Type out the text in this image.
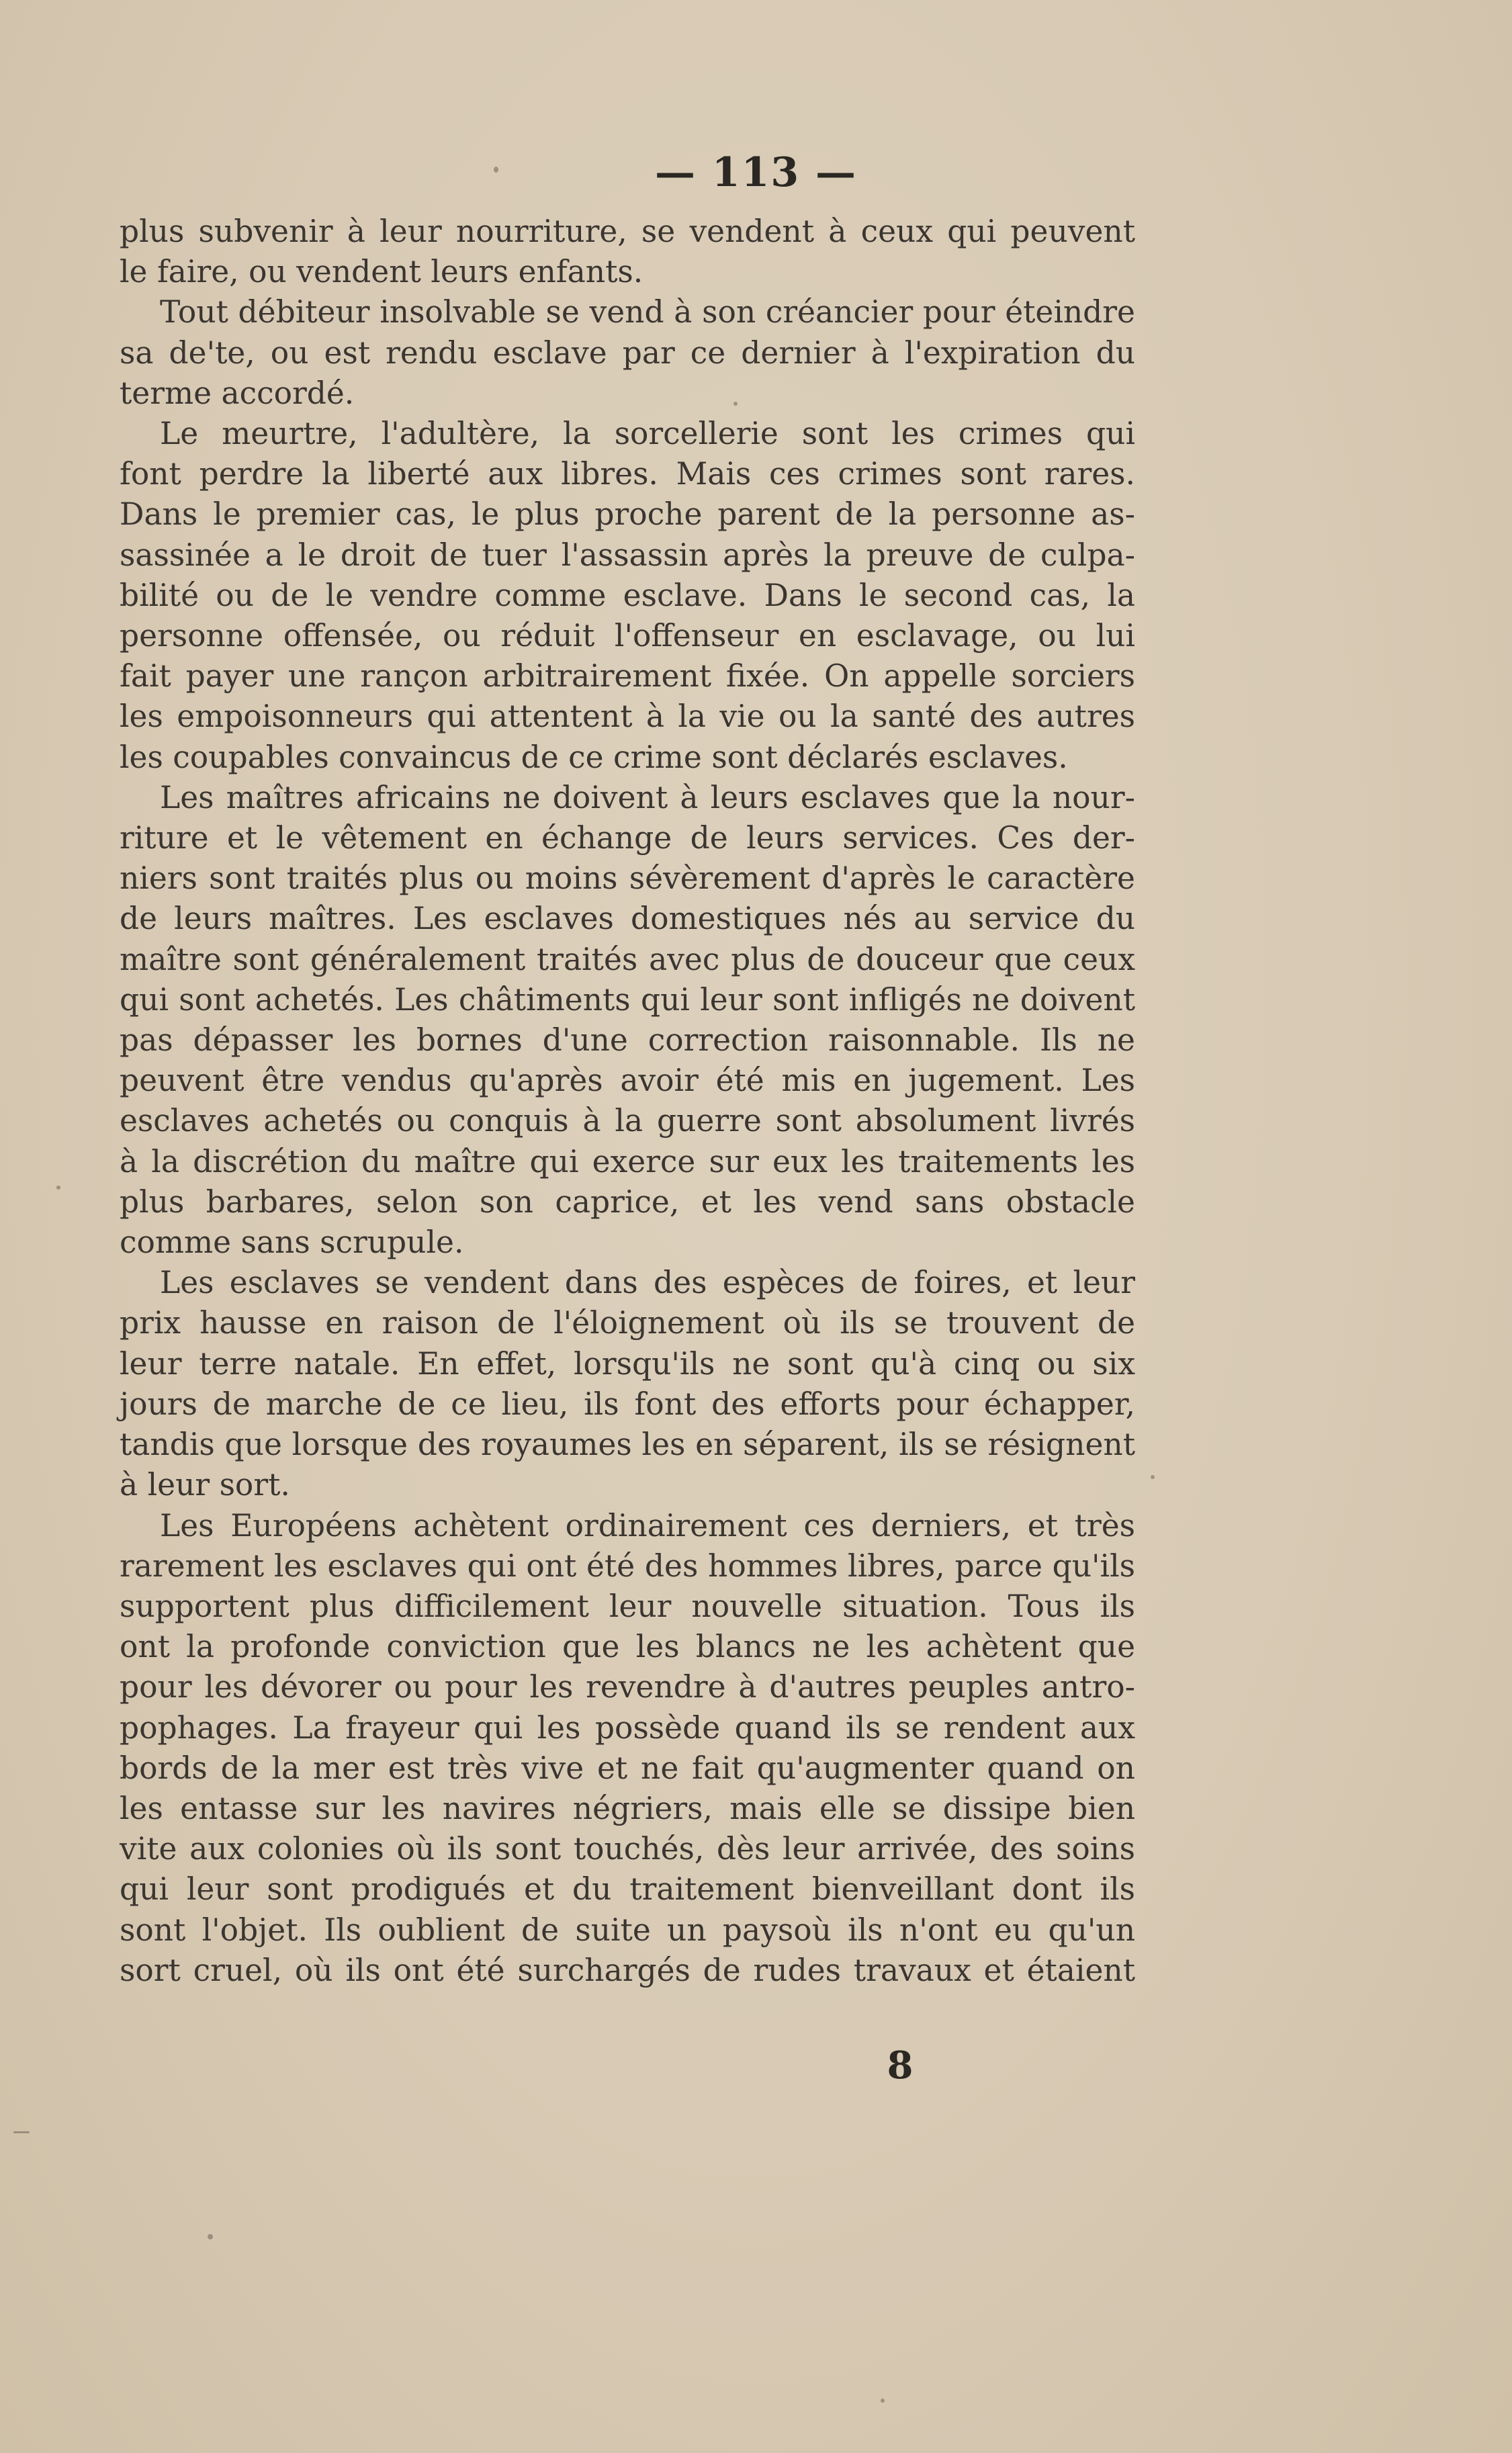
— 113 —
plus subvenir à leur nourriture, se vendent à ceux qui peuvent
le faire, ou vendent leurs enfants.
Tout débiteur insolvable se vend à son créancier pour éteindre
sa de'te, ou est rendu esclave par ce dernier à l'expiration du
terme accordé.
Le meurtre, l'adultère, la sorcellerie sont les crimes qui
font perdre la liberté aux libres. Mais ces crimes sont rares.
Dans le premier cas, le plus proche parent de la personne as-
sassinée a le droit de tuer l'assassin après la preuve de culpa-
bilité ou de le vendre comme esclave. Dans le second cas, la
personne offensée, ou réduit l'offenseur en esclavage, ou lui
fait payer une rançon arbitrairement fixée. On appelle sorciers
les empoisonneurs qui attentent à la vie ou la santé des autres
les coupables convaincus de ce crime sont déclarés esclaves.
Les maîtres africains ne doivent à leurs esclaves que la nour-
riture et le vêtement en échange de leurs services. Ces der-
niers sont traités plus ou moins sévèrement d'après le caractère
de leurs maîtres. Les esclaves domestiques nés au service du
maître sont généralement traités avec plus de douceur que ceux
qui sont achetés. Les châtiments qui leur sont infligés ne doivent
pas dépasser les bornes d'une correction raisonnable. Ils ne
peuvent être vendus qu'après avoir été mis en jugement. Les
esclaves achetés ou conquis à la guerre sont absolument livrés
à la discrétion du maître qui exerce sur eux les traitements les
plus barbares, selon son caprice, et les vend sans obstacle
comme sans scrupule.
Les esclaves se vendent dans des espèces de foires, et leur
prix hausse en raison de l'éloignement où ils se trouvent de
leur terre natale. En effet, lorsqu'ils ne sont qu'à cinq ou six
jours de marche de ce lieu, ils font des efforts pour échapper,
tandis que lorsque des royaumes les en séparent, ils se résignent
à leur sort.
Les Européens achètent ordinairement ces derniers, et très
rarement les esclaves qui ont été des hommes libres, parce qu'ils
supportent plus difficilement leur nouvelle situation. Tous ils
ont la profonde conviction que les blancs ne les achètent que
pour les dévorer ou pour les revendre à d'autres peuples antro-
pophages. La frayeur qui les possède quand ils se rendent aux
bords de la mer est très vive et ne fait qu'augmenter quand on
les entasse sur les navires négriers, mais elle se dissipe bien
vite aux colonies où ils sont touchés, dès leur arrivée, des soins
qui leur sont prodigués et du traitement bienveillant dont ils
sont l'objet. Ils oublient de suite un paysoù ils n'ont eu qu'un
sort cruel, où ils ont été surchargés de rudes travaux et étaient
8
